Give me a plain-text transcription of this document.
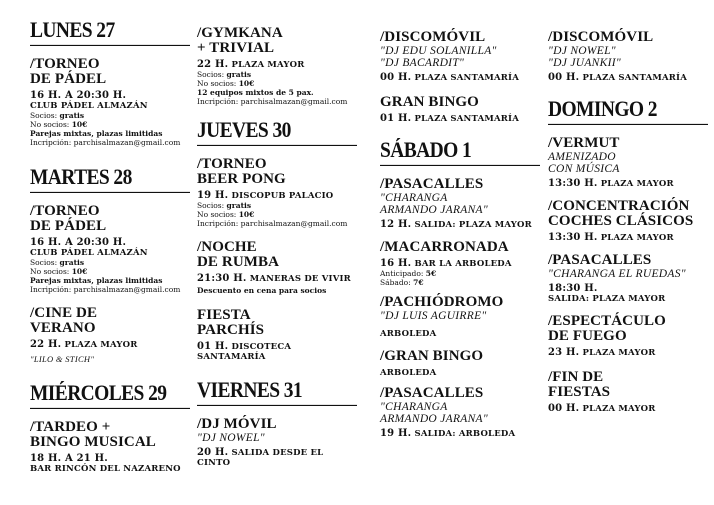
LUNES 27
/TORNEO
DE PÁDEL
16 H. A 20:30 H.
CLUB PÁDEL ALMAZÁN
Socios: gratis
No socios: 10€
Parejas mixtas, plazas limitidas
Incripción: parchisalmazan@gmail.com
MARTES 28
/TORNEO
DE PÁDEL
16 H. A 20:30 H.
CLUB PÁDEL ALMAZÁN
Socios: gratis
No socios: 10€
Parejas mixtas, plazas limitidas
Incripción: parchisalmazan@gmail.com
/CINE DE
VERANO
22 H. PLAZA MAYOR
"LILO & STICH"
MIÉRCOLES 29
/TARDEO +
BINGO MUSICAL
18 H. A 21 H.
BAR RINCÓN DEL NAZARENO
/GYMKANA
+ TRIVIAL
22 H. PLAZA MAYOR
Socios: gratis
No socios: 10€
12 equipos mixtos de 5 pax.
Incripción: parchisalmazan@gmail.com
JUEVES 30
/TORNEO
BEER PONG
19 H. DISCOPUB PALACIO
Socios: gratis
No socios: 10€
Incripción: parchisalmazan@gmail.com
/NOCHE
DE RUMBA
21:30 H. MANERAS DE VIVIR
Descuento en cena para socios
FIESTA
PARCHÍS
01 H. DISCOTECA
SANTAMARÍA
VIERNES 31
/DJ MÓVIL
"DJ NOWEL"
20 H. SALIDA DESDE EL CINTO
/DISCOMÓVIL
"DJ EDU SOLANILLA"
"DJ BACARDIT"
00 H. PLAZA SANTAMARÍA
GRAN BINGO
01 H. PLAZA SANTAMARÍA
SÁBADO 1
/PASACALLES
"CHARANGA
ARMANDO JARANA"
12 H. SALIDA: PLAZA MAYOR
/MACARRONADA
16 H. BAR LA ARBOLEDA
Anticipado: 5€
Sábado: 7€
/PACHIÓDROMO
"DJ LUIS AGUIRRE"
ARBOLEDA
/GRAN BINGO
ARBOLEDA
/PASACALLES
"CHARANGA
ARMANDO JARANA"
19 H. SALIDA: ARBOLEDA
/DISCOMÓVIL
"DJ NOWEL"
"DJ JUANKII"
00 H. PLAZA SANTAMARÍA
DOMINGO 2
/VERMUT
AMENIZADO
CON MÚSICA
13:30 H. PLAZA MAYOR
/CONCENTRACIÓN
COCHES CLÁSICOS
13:30 H. PLAZA MAYOR
/PASACALLES
"CHARANGA EL RUEDAS"
18:30 H.
SALIDA: PLAZA MAYOR
/ESPECTÁCULO
DE FUEGO
23 H. PLAZA MAYOR
/FIN DE
FIESTAS
00 H. PLAZA MAYOR
